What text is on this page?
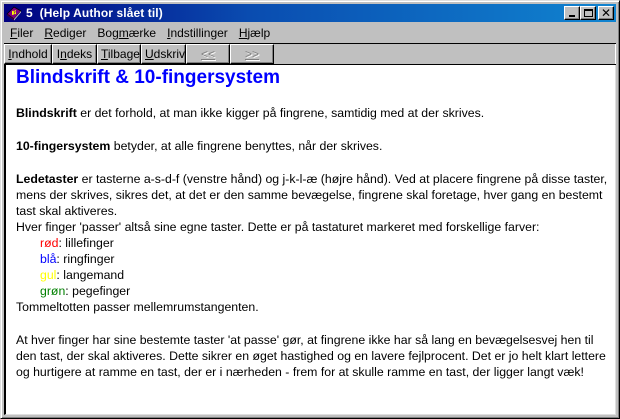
? 5  (Help Author slået til)	✕
Filer Rediger Bogmærke Indstillinger Hjælp
Indhold Indeks Tilbage Udskriv	<<	>>
Blindskrift & 10-fingersystem
Blindskrift er det forhold, at man ikke kigger på fingrene, samtidig med at der skrives.
10-fingersystem betyder, at alle fingrene benyttes, når der skrives.
Ledetaster er tasterne a-s-d-f (venstre hånd) og j-k-l-æ (højre hånd). Ved at placere fingrene på disse taster, mens der skrives, sikres det, at det er den samme bevægelse, fingrene skal foretage, hver gang en bestemt tast skal aktiveres.
Hver finger 'passer' altså sine egne taster. Dette er på tastaturet markeret med forskellige farver:
rød: lillefinger
blå: ringfinger
gul: langemand
grøn: pegefinger
Tommeltotten passer mellemrumstangenten.
At hver finger har sine bestemte taster 'at passe' gør, at fingrene ikke har så lang en bevægelsesvej hen til den tast, der skal aktiveres. Dette sikrer en øget hastighed og en lavere fejlprocent. Det er jo helt klart lettere og hurtigere at ramme en tast, der er i nærheden - frem for at skulle ramme en tast, der ligger langt væk!
